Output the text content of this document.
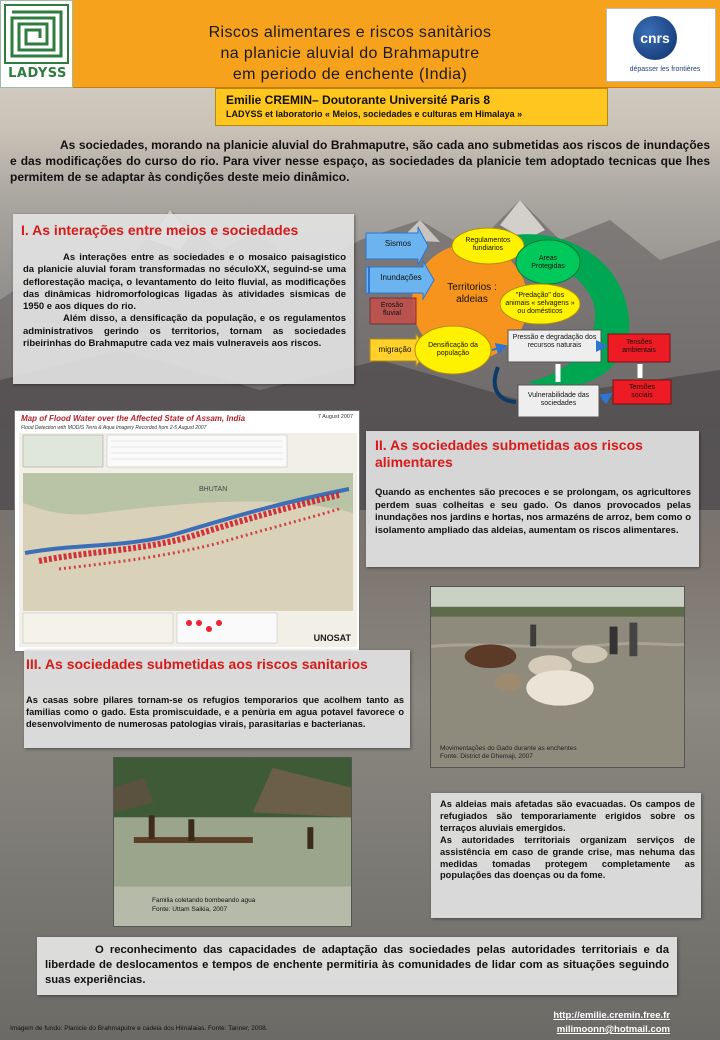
LADYSS
Riscos alimentares e riscos sanitàrios
na planicie aluvial do Brahmaputre
em periodo de enchente (India)
cnrs
dépasser les frontières
Emilie CREMIN– Doutorante Université Paris 8
LADYSS et laboratorio « Meios, sociedades e culturas em Himalaya »
As sociedades, morando na planicie aluvial do Brahmaputre, são cada ano submetidas aos riscos de inundações e das modificações do curso do rio. Para viver nesse espaço, as sociedades da planicie tem adoptado tecnicas que lhes permitem de se adaptar às condições deste meio dinâmico.
I. As interações entre meios e sociedades

As interações entre as sociedades e o mosaico paisagistico da planicie aluvial foram transformadas no séculoXX, seguind-se uma deflorestação maciça, o levantamento do leito fluvial, as modificações das dinâmicas hidromorfologicas ligadas às atividades sismicas de 1950 e aos diques do rio.

Além disso, a densificação da população, e os regulamentos administrativos gerindo os territorios, tornam as sociedades ribeirinhas do Brahmaputre cada vez mais vulneraveis aos riscos.

Sismos
Inundações
Erosão fluvial
migração
Regulamentos fundiarios
Areas Protegidas
"Predação" dos animais « selvagens » ou domésticos
Territorios : aldeias
Densificação da população
Pressão e degradação dos recursos naturais	Tensões ambientais
Tensões sociais
Vulnerabilidade das sociedades
Map of Flood Water over the Affected State of Assam, India
Flood Detection with MODIS Terra & Aqua Imagery Recorded from 2-5 August 2007
7 August 2007
BHUTAN
UNOSAT
II. As sociedades submetidas aos riscos alimentares
Quando as enchentes são precoces e se prolongam, os agricultores perdem suas colheitas e seu gado. Os danos provocados pelas inundações nos jardins e hortas, nos armazéns de arroz, bem como o isolamento ampliado das aldeias, aumentam os riscos alimentares.
Movimentações do Gado durante as enchentes
Fonte: District de Dhemaji, 2007
III. As sociedades submetidas aos riscos sanitarios
As casas sobre pilares tornam-se os refugios temporarios que acolhem tanto as familias como o gado. Esta promiscuidade, e a penùria em agua potavel favorece o desenvolvimento de numerosas patologias virais, parasitarias e bacterianas.
Familia coletando bombeando agua
Fonte: Uttam Saikia, 2007

As aldeias mais afetadas são evacuadas. Os campos de refugiados são temporariamente erigidos sobre os terraços aluviais emergidos.

As autoridades territoriais organizam serviços de assistência em caso de grande crise, mas nehuma das medidas tomadas protegem completamente as populações das doenças ou da fome.

O reconhecimento das capacidades de adaptação das sociedades pelas autoridades territoriais e da liberdade de deslocamentos e tempos de enchente permitiria às comunidades de lidar com as situações seguindo suas experiências.
Imagem de fundo: Planicie do Brahmaputre e cadeia dos Himalaias. Fonte: Tanner, 2008.
http://emilie.cremin.free.fr
milimoonn@hotmail.com
